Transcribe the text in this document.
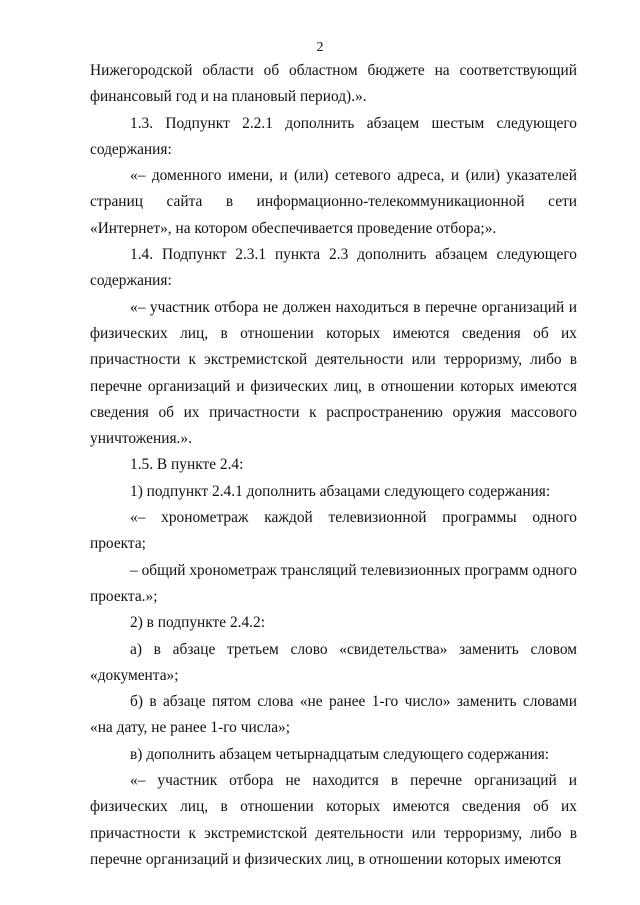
2

Нижегородской области об областном бюджете на соответствующий финансовый год и на плановый период).».

1.3. Подпункт 2.2.1 дополнить абзацем шестым следующего содержания:

«– доменного имени, и (или) сетевого адреса, и (или) указателей страниц сайта в информационно-телекоммуникационной сети «Интернет», на котором обеспечивается проведение отбора;».

1.4. Подпункт 2.3.1 пункта 2.3 дополнить абзацем следующего содержания:

«– участник отбора не должен находиться в перечне организаций и физических лиц, в отношении которых имеются сведения об их причастности к экстремистской деятельности или терроризму, либо в перечне организаций и физических лиц, в отношении которых имеются сведения об их причастности к распространению оружия массового уничтожения.».

1.5. В пункте 2.4:

1) подпункт 2.4.1 дополнить абзацами следующего содержания:

«– хронометраж каждой телевизионной программы одного проекта;

– общий хронометраж трансляций телевизионных программ одного проекта.»;

2) в подпункте 2.4.2:

а) в абзаце третьем слово «свидетельства» заменить словом «документа»;

б) в абзаце пятом слова «не ранее 1-го число» заменить словами «на дату, не ранее 1-го числа»;

в) дополнить абзацем четырнадцатым следующего содержания:

«– участник отбора не находится в перечне организаций и физических лиц, в отношении которых имеются сведения об их причастности к экстремистской деятельности или терроризму, либо в перечне организаций и физических лиц, в отношении которых имеются
